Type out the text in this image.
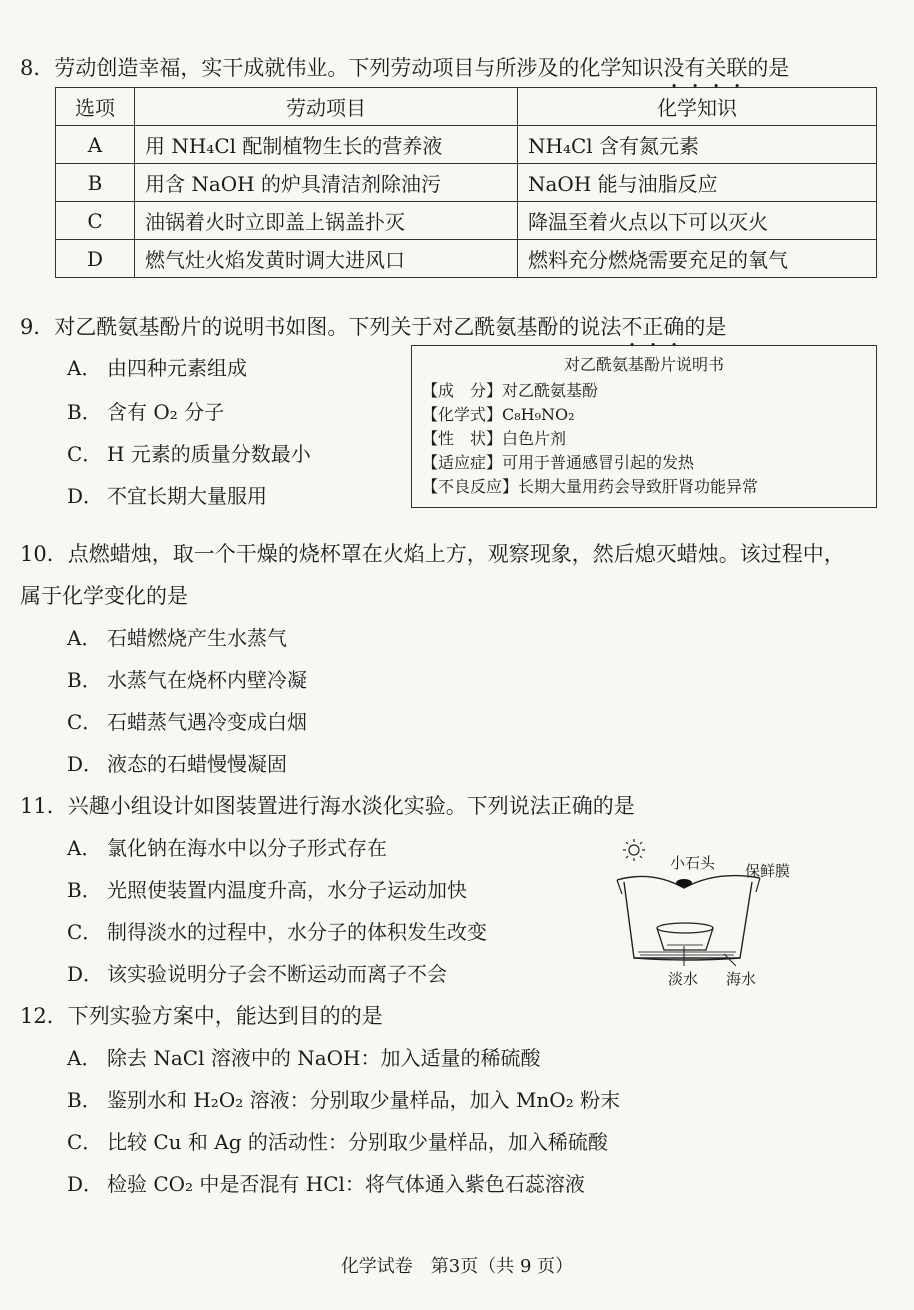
8．劳动创造幸福，实干成就伟业。下列劳动项目与所涉及的化学知识没有关联的是
选项	劳动项目	化学知识
A	用 NH₄Cl 配制植物生长的营养液	NH₄Cl 含有氮元素
B	用含 NaOH 的炉具清洁剂除油污	NaOH 能与油脂反应
C	油锅着火时立即盖上锅盖扑灭	降温至着火点以下可以灭火
D	燃气灶火焰发黄时调大进风口	燃料充分燃烧需要充足的氧气
9．对乙酰氨基酚片的说明书如图。下列关于对乙酰氨基酚的说法不正确的是
A． 由四种元素组成
B． 含有 O₂ 分子
C． H 元素的质量分数最小
D． 不宜长期大量服用
对乙酰氨基酚片说明书
【成　分】对乙酰氨基酚
【化学式】C₈H₉NO₂
【性　状】白色片剂
【适应症】可用于普通感冒引起的发热
【不良反应】长期大量用药会导致肝肾功能异常
10．点燃蜡烛，取一个干燥的烧杯罩在火焰上方，观察现象，然后熄灭蜡烛。该过程中，
属于化学变化的是
A． 石蜡燃烧产生水蒸气
B． 水蒸气在烧杯内壁冷凝
C． 石蜡蒸气遇冷变成白烟
D． 液态的石蜡慢慢凝固
11．兴趣小组设计如图装置进行海水淡化实验。下列说法正确的是
A． 氯化钠在海水中以分子形式存在
B． 光照使装置内温度升高，水分子运动加快
C． 制得淡水的过程中，水分子的体积发生改变
D． 该实验说明分子会不断运动而离子不会
小石头 保鲜膜
淡水 海水
12．下列实验方案中，能达到目的的是
A． 除去 NaCl 溶液中的 NaOH：加入适量的稀硫酸
B． 鉴别水和 H₂O₂ 溶液：分别取少量样品，加入 MnO₂ 粉末
C． 比较 Cu 和 Ag 的活动性：分别取少量样品，加入稀硫酸
D． 检验 CO₂ 中是否混有 HCl：将气体通入紫色石蕊溶液
化学试卷　第3页（共 9 页）
